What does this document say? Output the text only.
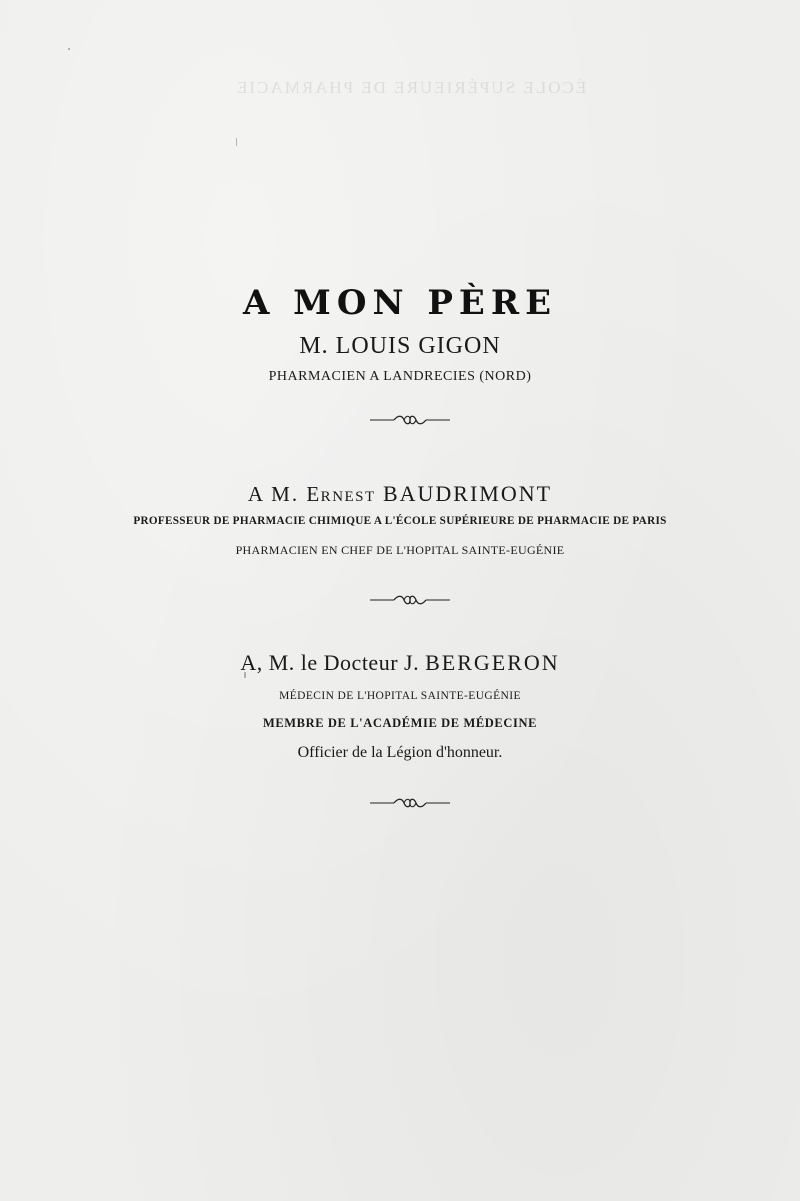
ÉCOLE SUPÉRIEURE DE PHARMACIE
A MON PÈRE
M. LOUIS GIGON
PHARMACIEN A LANDRECIES (NORD)
A M. Ernest BAUDRIMONT
PROFESSEUR DE PHARMACIE CHIMIQUE A L'ÉCOLE SUPÉRIEURE DE PHARMACIE DE PARIS
PHARMACIEN EN CHEF DE L'HOPITAL SAINTE-EUGÉNIE
A, M. le Docteur J. BERGERON
MÉDECIN DE L'HOPITAL SAINTE-EUGÉNIE
MEMBRE DE L'ACADÉMIE DE MÉDECINE
Officier de la Légion d'honneur.
